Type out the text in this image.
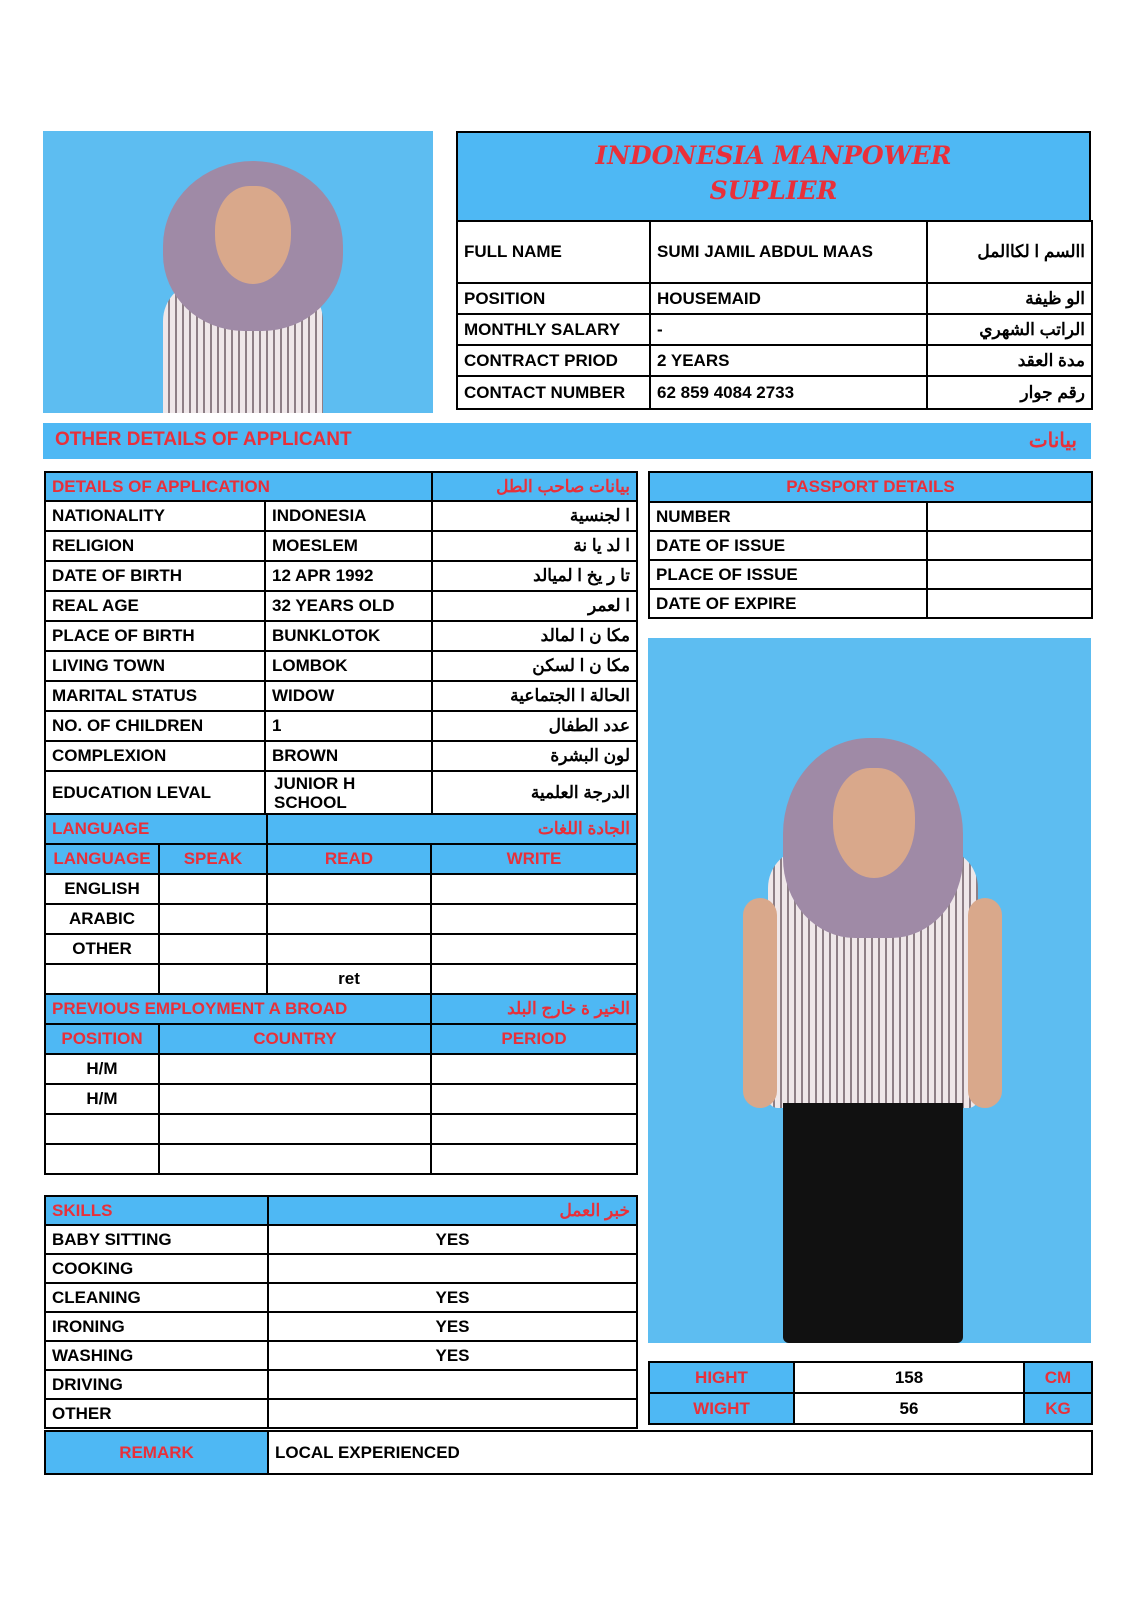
INDONESIA MANPOWER
SUPLIER
FULL NAME	SUMI JAMIL ABDUL MAAS	االسم ا لكاالمل
POSITION	HOUSEMAID	الو ظيفة
MONTHLY SALARY	-	الراتب الشهري
CONTRACT PRIOD	2 YEARS	مدة العقد
CONTACT NUMBER	62 859 4084 2733	رقم جوار
OTHER DETAILS OF APPLICANT	بيانات
DETAILS OF APPLICATION		بيانات صاحب الطل
NATIONALITY	INDONESIA	ا لجنسية
RELIGION	MOESLEM	ا لد يا نة
DATE OF BIRTH	12 APR 1992	تا ر يخ ا لميالد
REAL AGE	32 YEARS OLD	ا لعمر
PLACE OF BIRTH	BUNKLOTOK	مكا ن ا لمالد
LIVING TOWN	LOMBOK	مكا ن ا لسكن
MARITAL STATUS	WIDOW	الحالة ا الجتماعية
NO. OF CHILDREN	1	عدد الطفال
COMPLEXION	BROWN	لون البشرة
EDUCATION LEVAL	JUNIOR H SCHOOL	الدرجة العلمية
PASSPORT DETAILS	
NUMBER	
DATE OF ISSUE	
PLACE OF ISSUE	
DATE OF EXPIRE	
LANGUAGE		الجادة اللغات	
LANGUAGE	SPEAK	READ	WRITE
ENGLISH			
ARABIC			
OTHER			
		ret	
PREVIOUS EMPLOYMENT A BROAD		الخير ة خارج البلد
POSITION	COUNTRY	PERIOD
H/M		
H/M		

SKILLS	خبر العمل
BABY SITTING	YES
COOKING	
CLEANING	YES
IRONING	YES
WASHING	YES
DRIVING	
OTHER	
HIGHT	158	CM
WIGHT	56	KG
REMARK	LOCAL EXPERIENCED
